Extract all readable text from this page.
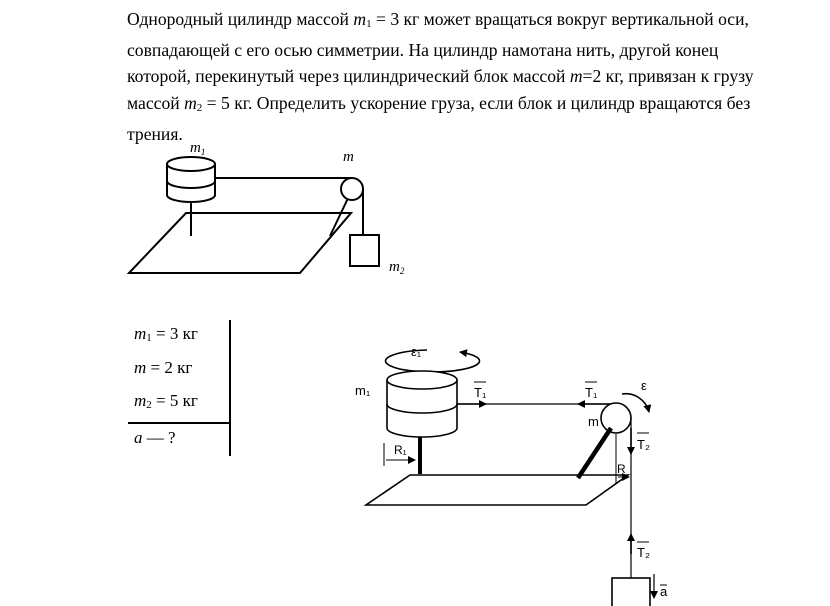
Однородный цилиндр массой $m_1 = 3$ кг может вращаться вокруг вертикальной оси, совпадающей с его осью симметрии. На цилиндр намотана нить, другой конец которой, перекинутый через цилиндрический блок массой m=2 кг, привязан к грузу массой $m_2 = 5$ кг. Определить ускорение груза, если блок и цилиндр вращаются без трения.

$m_1$	m
$m_2$
$m_1 = 3$ кг
m = 2 кг
$m_2 = 5$ кг
a — ?
ε₁
m₁
R₁
T₁	T₁	ε
m
T₂
R
T₂
a
